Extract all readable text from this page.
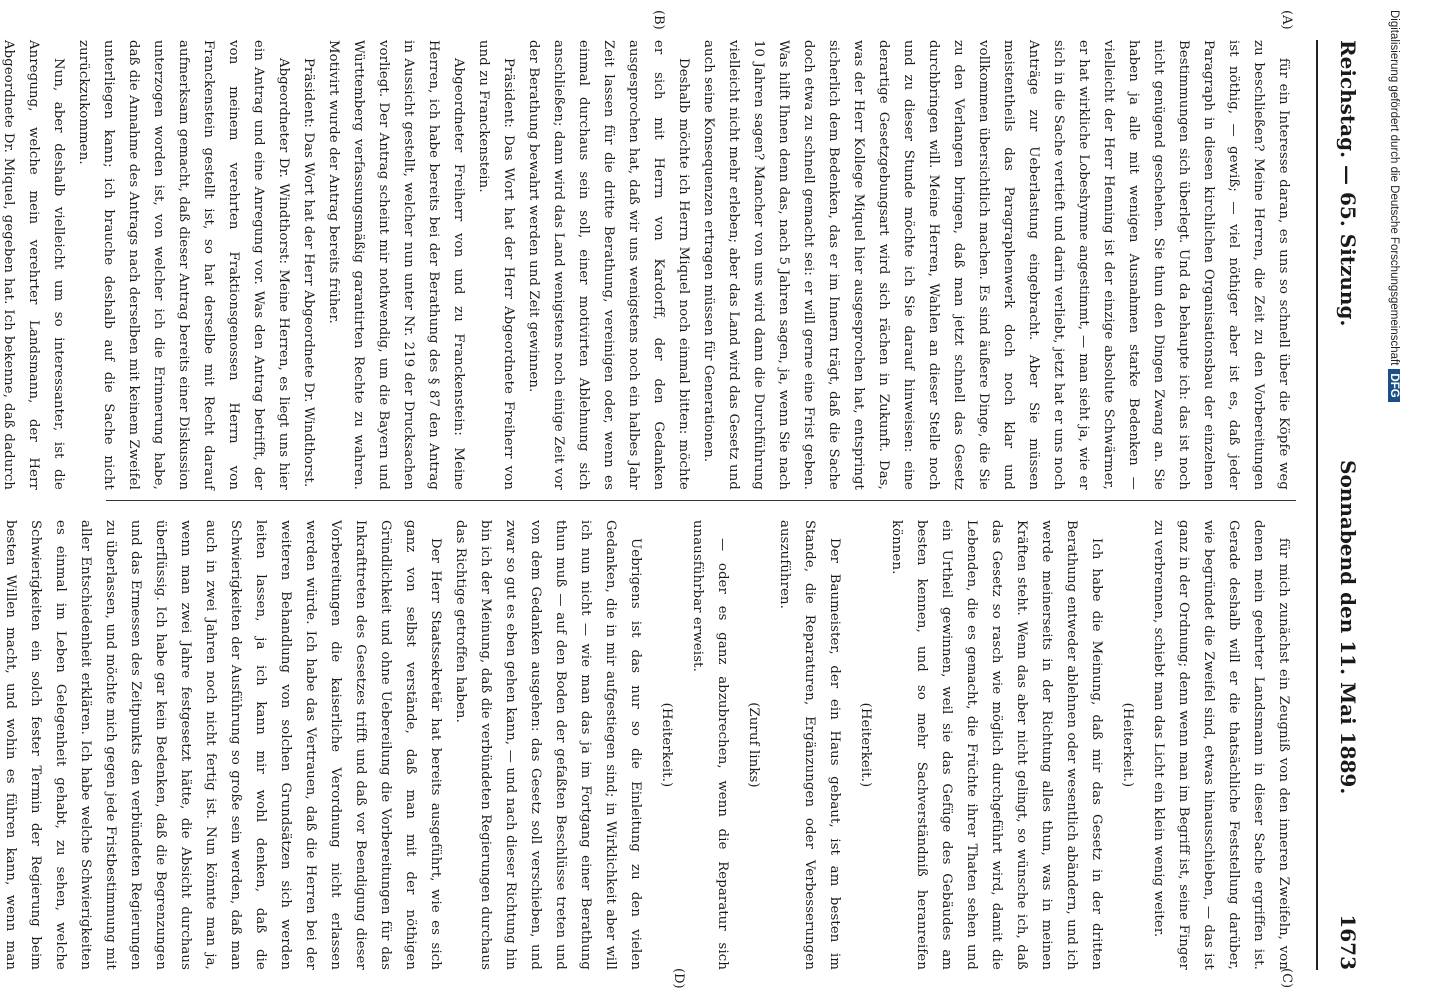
Reichstag. — 65. Sitzung.
Sonnabend den 11. Mai 1889.
1673
(A)
(B)
(C)
(D)

für ein Interesse daran, es uns so schnell über die Köpfe weg zu beschließen? Meine Herren, die Zeit zu den Vorbereitungen ist nöthig, — gewiß; — viel nöthiger aber ist es, daß jeder Paragraph in diesen kirchlichen Organisationsbau der einzelnen Bestimmungen sich überlegt. Und da behaupte ich: das ist noch nicht genügend geschehen. Sie thun den Dingen Zwang an. Sie haben ja alle mit wenigen Ausnahmen starke Bedenken — vielleicht der Herr Henning ist der einzige absolute Schwärmer, er hat wirkliche Lobeshymne angestimmt, — man sieht ja, wie er sich in die Sache vertieft und darin verliebt, jetzt hat er uns noch Anträge zur Ueberlastung eingebracht. Aber Sie müssen meistentheils das Paragraphenwerk doch noch klar und vollkommen übersichtlich machen. Es sind äußere Dinge, die Sie zu den Verlangen bringen, daß man jetzt schnell das Gesetz durchbringen will. Meine Herren, Wahlen an dieser Stelle noch und zu dieser Stunde möchte ich Sie darauf hinweisen: eine derartige Gesetzgebungsart wird sich rächen in Zukunft. Das, was der Herr Kollege Miquel hier ausgesprochen hat, entspringt sicherlich dem Bedenken, das er im Innern trägt, daß die Sache doch etwa zu schnell gemacht sei: er will gerne eine Frist geben. Was hilft Ihnen denn das, nach 5 Jahren sagen, ja, wenn Sie nach 10 Jahren sagen? Mancher von uns wird dann die Durchführung vielleicht nicht mehr erleben; aber das Land wird das Gesetz und auch seine Konsequenzen ertragen müssen für Generationen.

Deshalb möchte ich Herrn Miquel noch einmal bitten: möchte er sich mit Herrn von Kardorff, der den Gedanken ausgesprochen hat, daß wir uns wenigstens noch ein halbes Jahr Zeit lassen für die dritte Berathung, vereinigen oder, wenn es einmal durchaus sein soll, einer motivirten Ablehnung sich anschließen; dann wird das Land wenigstens noch einige Zeit vor der Berathung bewahrt werden und Zeit gewinnen.

Präsident: Das Wort hat der Herr Abgeordnete Freiherr von und zu Franckenstein.

Abgeordneter Freiherr von und zu Franckenstein: Meine Herren, ich habe bereits bei der Berathung des § 87 den Antrag in Aussicht gestellt, welcher nun unter Nr. 219 der Drucksachen vorliegt. Der Antrag scheint mir nothwendig, um die Bayern und Württemberg verfassungsmäßig garantirten Rechte zu wahren. Motivirt wurde der Antrag bereits früher.

Präsident: Das Wort hat der Herr Abgeordnete Dr. Windthorst.

Abgeordneter Dr. Windthorst: Meine Herren, es liegt uns hier ein Antrag und eine Anregung vor. Was den Antrag betrifft, der von meinem verehrten Fraktionsgenossen Herrn von Franckenstein gestellt ist, so hat derselbe mit Recht darauf aufmerksam gemacht, daß dieser Antrag bereits einer Diskussion unterzogen worden ist, von welcher ich die Erinnerung habe, daß die Annahme des Antrags nach derselben mit keinem Zweifel unterliegen kann; ich brauche deshalb auf die Sache nicht zurückzukommen.

Nun, aber deshalb vielleicht um so interessanter, ist die Anregung, welche mein verehrter Landsmann, der Herr Abgeordnete Dr. Miquel, gegeben hat. Ich bekenne, daß dadurch

für mich zunächst ein Zeugniß von den inneren Zweifeln, von denen mein geehrter Landsmann in dieser Sache ergriffen ist. Gerade deshalb will er die thatsächliche Feststellung darüber, wie begründet die Zweifel sind, etwas hinausschieben, — das ist ganz in der Ordnung; denn wenn man im Begriff ist, seine Finger zu verbrennen, schiebt man das Licht ein klein wenig weiter.

(Heiterkeit.)

Ich habe die Meinung, daß mir das Gesetz in der dritten Berathung entweder ablehnen oder wesentlich abändern, und ich werde meinerseits in der Richtung alles thun, was in meinen Kräften steht. Wenn das aber nicht gelingt, so wünsche ich, daß das Gesetz so rasch wie möglich durchgeführt wird, damit die Lebenden, die es gemacht, die Früchte ihrer Thaten sehen und ein Urtheil gewinnen, weil sie das Gefüge des Gebäudes am besten kennen, und so mehr Sachverständniß heranreifen können.

(Heiterkeit.)

Der Baumeister, der ein Haus gebaut, ist am besten im Stande, die Reparaturen, Ergänzungen oder Verbesserungen auszuführen.

(Zuruf links)

— oder es ganz abzubrechen, wenn die Reparatur sich unausführbar erweist.

(Heiterkeit.)

Uebrigens ist das nur so die Einleitung zu den vielen Gedanken, die in mir aufgestiegen sind; in Wirklichkeit aber will ich nun nicht — wie man das ja im Fortgang einer Berathung thun muß — auf den Boden der gefaßten Beschlüsse treten und von dem Gedanken ausgehen: das Gesetz soll verschieben, und zwar so gut es eben gehen kann, — und nach dieser Richtung hin bin ich der Meinung, daß die verbündeten Regierungen durchaus das Richtige getroffen haben.

Der Herr Staatssekretär hat bereits ausgeführt, wie es sich ganz von selbst verstände, daß man mit der nöthigen Gründlichkeit und ohne Uebereilung die Vorbereitungen für das Inkrafttreten des Gesetzes trifft und daß vor Beendigung dieser Vorbereitungen die kaiserliche Verordnung nicht erlassen werden würde. Ich habe das Vertrauen, daß die Herren bei der weiteren Behandlung von solchen Grundsätzen sich werden leiten lassen, ja ich kann mir wohl denken, daß die Schwierigkeiten der Ausführung so große sein werden, daß man auch in zwei Jahren noch nicht fertig ist. Nun könnte man ja, wenn man zwei Jahre festgesetzt hätte, die Absicht durchaus überflüssig. Ich habe gar kein Bedenken, daß die Begrenzungen und das Ermessen des Zeitpunkts den verbündeten Regierungen zu überlassen, und möchte mich gegen jede Fristbestimmung mit aller Entschiedenheit erklären. Ich habe welche Schwierigkeiten es einmal im Leben Gelegenheit gehabt, zu sehen, welche Schwierigkeiten ein solch fester Termin der Regierung beim besten Willen macht, und wohin es führen kann, wenn man

Digitalisierung gefördert durch die Deutsche ForschungsgemeinschaftDFG
